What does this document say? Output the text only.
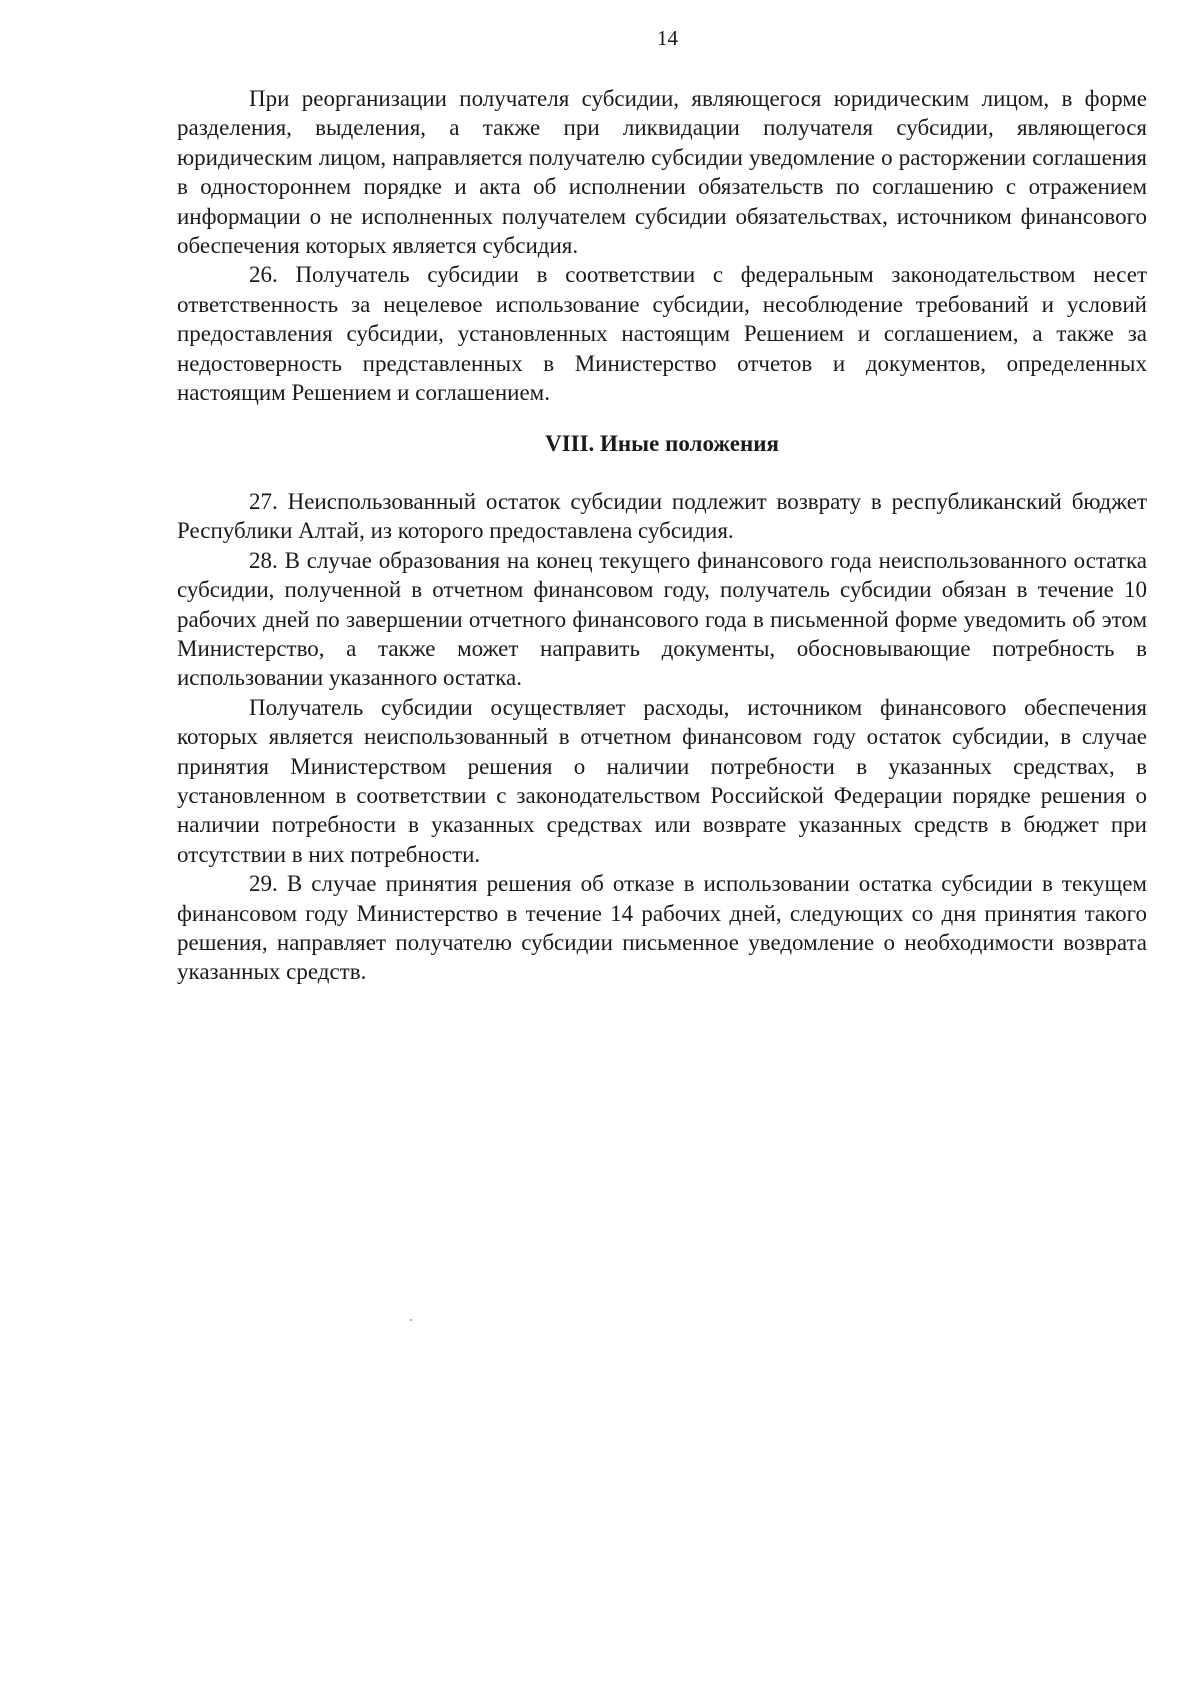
14

При реорганизации получателя субсидии, являющегося юридическим лицом, в форме разделения, выделения, а также при ликвидации получателя субсидии, являющегося юридическим лицом, направляется получателю субсидии уведомление о расторжении соглашения в одностороннем порядке и акта об исполнении обязательств по соглашению с отражением информации о не исполненных получателем субсидии обязательствах, источником финансового обеспечения которых является субсидия.

26. Получатель субсидии в соответствии с федеральным законодательством несет ответственность за нецелевое использование субсидии, несоблюдение требований и условий предоставления субсидии, установленных настоящим Решением и соглашением, а также за недостоверность представленных в Министерство отчетов и документов, определенных настоящим Решением и соглашением.

VIII. Иные положения

27. Неиспользованный остаток субсидии подлежит возврату в республиканский бюджет Республики Алтай, из которого предоставлена субсидия.

28. В случае образования на конец текущего финансового года неиспользованного остатка субсидии, полученной в отчетном финансовом году, получатель субсидии обязан в течение 10 рабочих дней по завершении отчетного финансового года в письменной форме уведомить об этом Министерство, а также может направить документы, обосновывающие потребность в использовании указанного остатка.

Получатель субсидии осуществляет расходы, источником финансового обеспечения которых является неиспользованный в отчетном финансовом году остаток субсидии, в случае принятия Министерством решения о наличии потребности в указанных средствах, в установленном в соответствии с законодательством Российской Федерации порядке решения о наличии потребности в указанных средствах или возврате указанных средств в бюджет при отсутствии в них потребности.

29. В случае принятия решения об отказе в использовании остатка субсидии в текущем финансовом году Министерство в течение 14 рабочих дней, следующих со дня принятия такого решения, направляет получателю субсидии письменное уведомление о необходимости возврата указанных средств.
